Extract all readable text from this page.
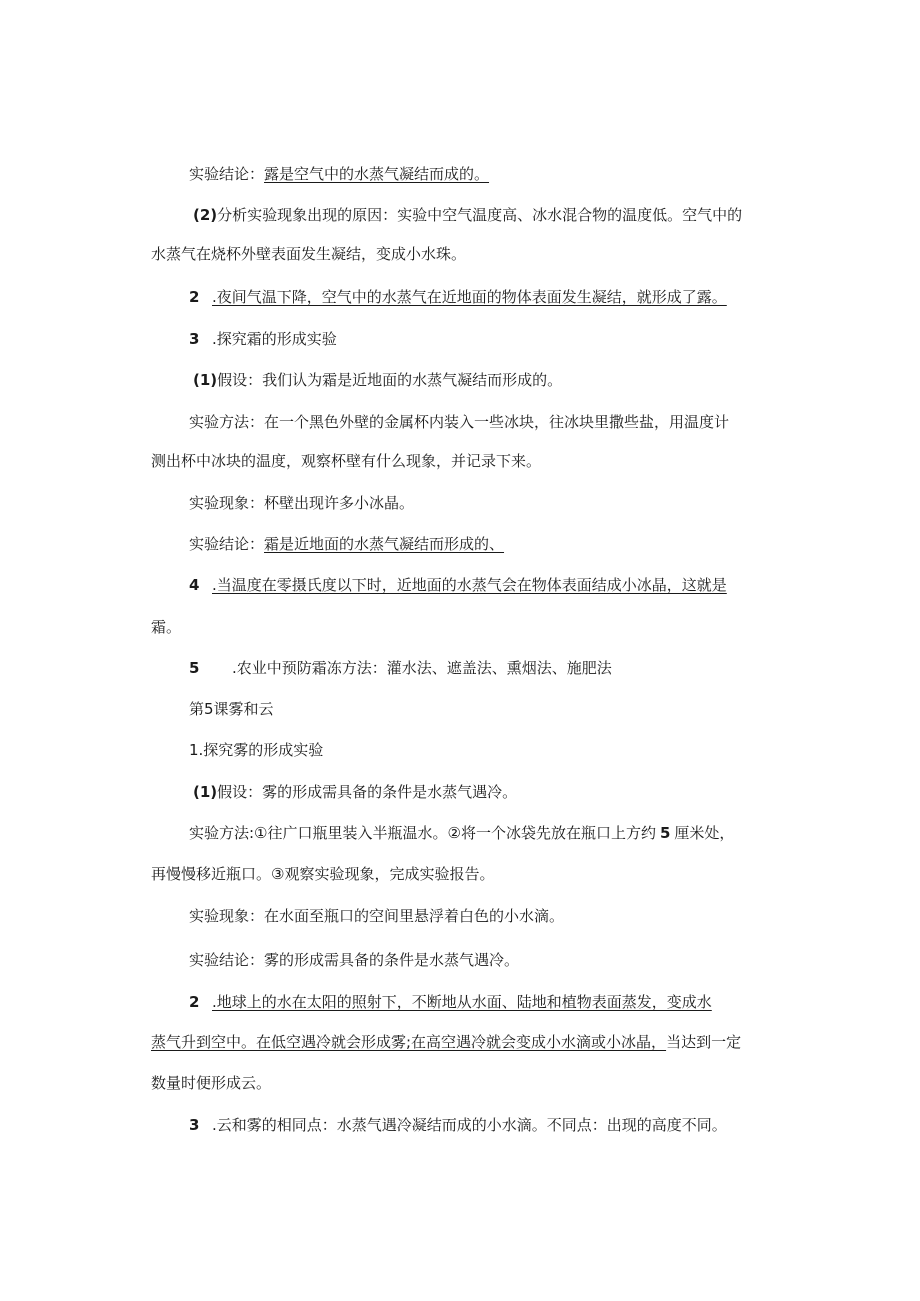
实验结论：露是空气中的水蒸气凝结而成的。
(2)分析实验现象出现的原因：实验中空气温度高、冰水混合物的温度低。空气中的
水蒸气在烧杯外壁表面发生凝结，变成小水珠。
2 .夜间气温下降，空气中的水蒸气在近地面的物体表面发生凝结，就形成了露。
3 .探究霜的形成实验
(1)假设：我们认为霜是近地面的水蒸气凝结而形成的。
实验方法：在一个黑色外壁的金属杯内装入一些冰块，往冰块里撒些盐，用温度计
测出杯中冰块的温度，观察杯壁有什么现象，并记录下来。
实验现象：杯壁出现许多小冰晶。
实验结论：霜是近地面的水蒸气凝结而形成的、
4 .当温度在零摄氏度以下时，近地面的水蒸气会在物体表面结成小冰晶，这就是
霜。
5 .农业中预防霜冻方法：灌水法、遮盖法、熏烟法、施肥法
第5课雾和云
1.探究雾的形成实验
(1)假设：雾的形成需具备的条件是水蒸气遇冷。
实验方法:①往广口瓶里装入半瓶温水。②将一个冰袋先放在瓶口上方约 5 厘米处，
再慢慢移近瓶口。③观察实验现象，完成实验报告。
实验现象：在水面至瓶口的空间里悬浮着白色的小水滴。
实验结论：雾的形成需具备的条件是水蒸气遇冷。
2 .地球上的水在太阳的照射下，不断地从水面、陆地和植物表面蒸发，变成水
蒸气升到空中。在低空遇冷就会形成雾;在高空遇冷就会变成小水滴或小冰晶，当达到一定
数量时便形成云。
3 .云和雾的相同点：水蒸气遇冷凝结而成的小水滴。不同点：出现的高度不同。
